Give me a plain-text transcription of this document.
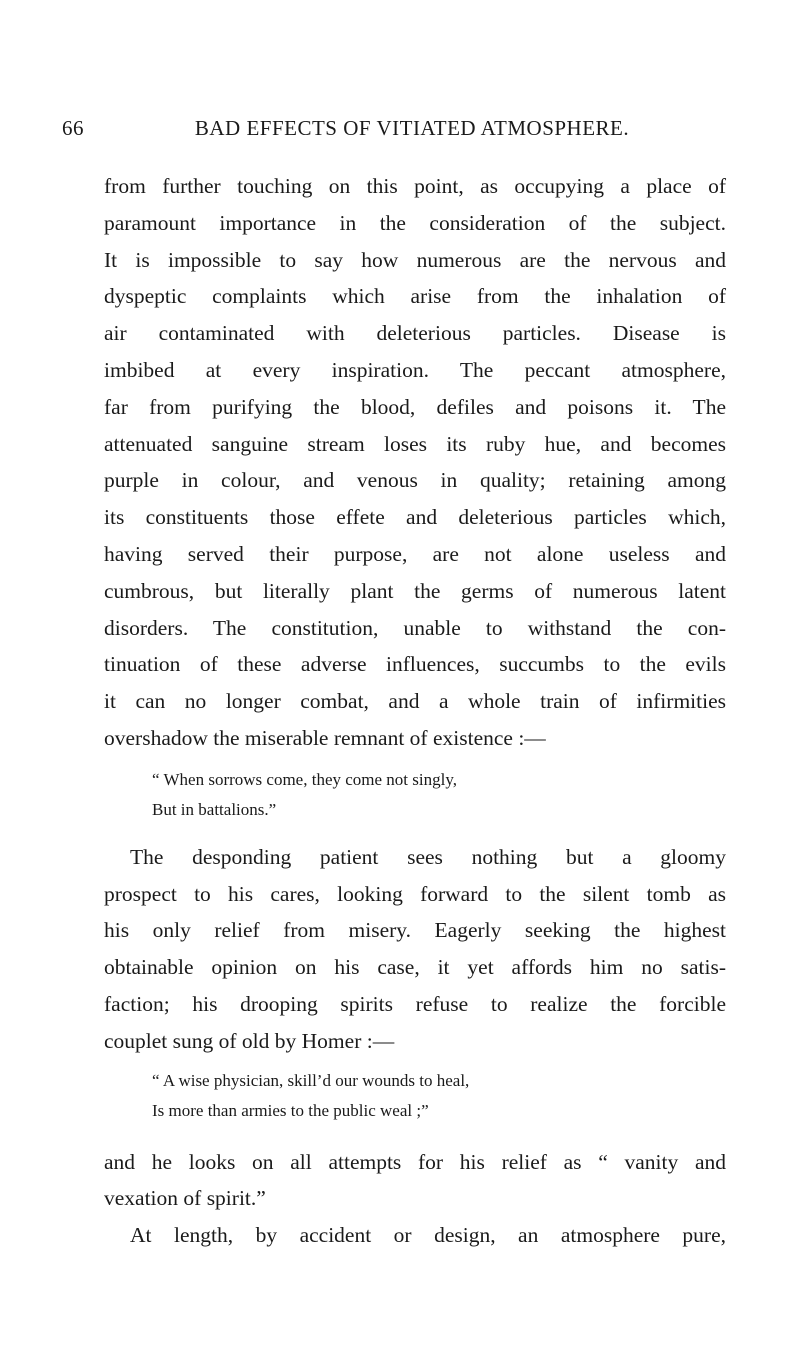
66	BAD EFFECTS OF VITIATED ATMOSPHERE.
from further touching on this point, as occupying a place of
paramount importance in the consideration of the subject.
It is impossible to say how numerous are the nervous and
dyspeptic complaints which arise from the inhalation of
air contaminated with deleterious particles. Disease is
imbibed at every inspiration. The peccant atmosphere,
far from purifying the blood, defiles and poisons it. The
attenuated sanguine stream loses its ruby hue, and becomes
purple in colour, and venous in quality; retaining among
its constituents those effete and deleterious particles which,
having served their purpose, are not alone useless and
cumbrous, but literally plant the germs of numerous latent
disorders. The constitution, unable to withstand the con-
tinuation of these adverse influences, succumbs to the evils
it can no longer combat, and a whole train of infirmities
overshadow the miserable remnant of existence :—
“ When sorrows come, they come not singly,
But in battalions.”
The desponding patient sees nothing but a gloomy
prospect to his cares, looking forward to the silent tomb as
his only relief from misery. Eagerly seeking the highest
obtainable opinion on his case, it yet affords him no satis-
faction; his drooping spirits refuse to realize the forcible
couplet sung of old by Homer :—
“ A wise physician, skill’d our wounds to heal,
Is more than armies to the public weal ;”
and he looks on all attempts for his relief as “ vanity and
vexation of spirit.”
At length, by accident or design, an atmosphere pure,
